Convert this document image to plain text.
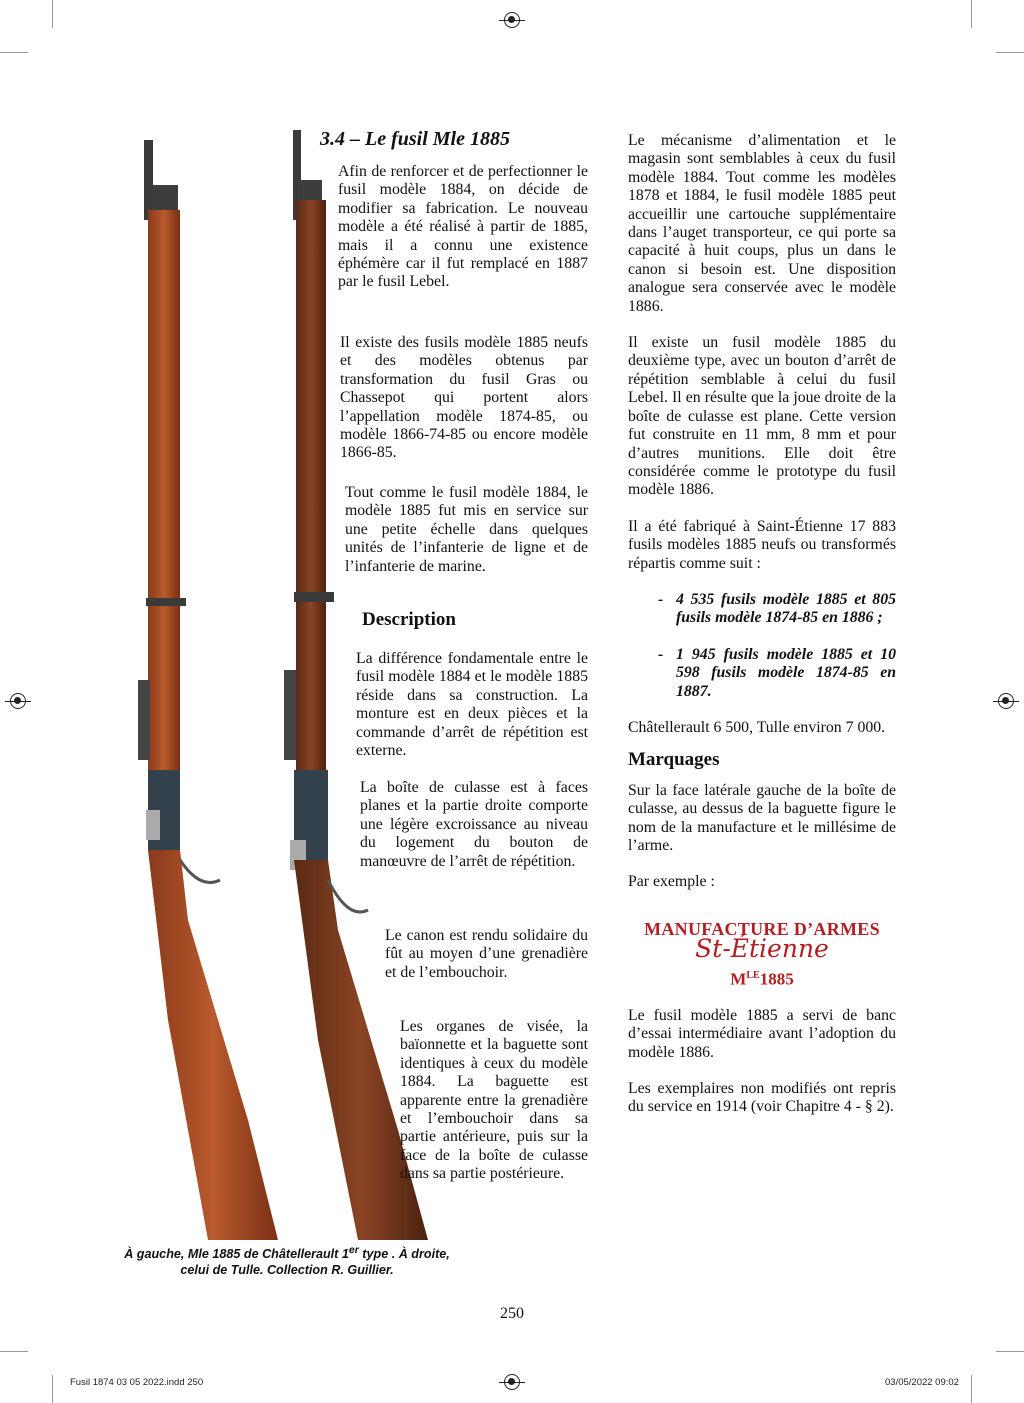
3.4 – Le fusil Mle 1885

Afin de renforcer et de perfectionner le fusil modèle 1884, on décide de modifier sa fabrication. Le nouveau modèle a été réalisé à partir de 1885, mais il a connu une existence éphémère car il fut remplacé en 1887 par le fusil Lebel.

Il existe des fusils modèle 1885 neufs et des modèles obtenus par transformation du fusil Gras ou Chassepot qui portent alors l’appellation modèle 1874-85, ou modèle 1866-74-85 ou encore modèle 1866-85.

Tout comme le fusil modèle 1884, le modèle 1885 fut mis en service sur une petite échelle dans quelques unités de l’infanterie de ligne et de l’infanterie de marine.

Description

La différence fondamentale entre le fusil modèle 1884 et le modèle 1885 réside dans sa construction. La monture est en deux pièces et la commande d’arrêt de répétition est externe.

La boîte de culasse est à faces planes et la partie droite comporte une légère excroissance au niveau du logement du bouton de manœuvre de l’arrêt de répétition.

Le canon est rendu solidaire du fût au moyen d’une grenadière et de l’embouchoir.

Les organes de visée, la baïonnette et la baguette sont identiques à ceux du modèle 1884. La baguette est apparente entre la grenadière et l’embouchoir dans sa partie antérieure, puis sur la face de la boîte de culasse dans sa partie postérieure.

À gauche, Mle 1885 de Châtellerault 1er type . À droite, celui de Tulle. Collection R. Guillier.

Le mécanisme d’alimentation et le magasin sont semblables à ceux du fusil modèle 1884. Tout comme les modèles 1878 et 1884, le fusil modèle 1885 peut accueillir une cartouche supplémentaire dans l’auget transporteur, ce qui porte sa capacité à huit coups, plus un dans le canon si besoin est. Une disposition analogue sera conservée avec le modèle 1886.

Il existe un fusil modèle 1885 du deuxième type, avec un bouton d’arrêt de répétition semblable à celui du fusil Lebel. Il en résulte que la joue droite de la boîte de culasse est plane. Cette version fut construite en 11 mm, 8 mm et pour d’autres munitions. Elle doit être considérée comme le prototype du fusil modèle 1886.

Il a été fabriqué à Saint-Étienne 17 883 fusils modèles 1885 neufs ou transformés répartis comme suit :

- 4 535 fusils modèle 1885 et 805 fusils modèle 1874-85 en 1886 ;

- 1 945 fusils modèle 1885 et 10 598 fusils modèle 1874-85 en 1887.

Châtellerault 6 500, Tulle environ 7 000.

Marquages

Sur la face latérale gauche de la boîte de culasse, au dessus de la baguette figure le nom de la manufacture et le millésime de l’arme.

Par exemple :

MANUFACTURE D’ARMES
St-Étienne
$M^{LE}1885$

Le fusil modèle 1885 a servi de banc d’essai intermédiaire avant l’adoption du modèle 1886.

Les exemplaires non modifiés ont repris du service en 1914 (voir Chapitre 4 - § 2).

250
Fusil 1874 03 05 2022.indd 250	03/05/2022 09:02
